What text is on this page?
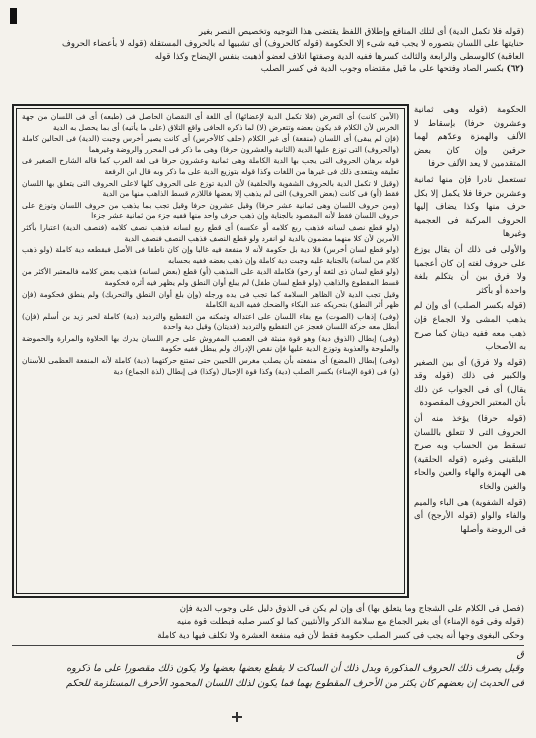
(قوله فلا تكمل الدية) أى لتلك المنافع وإطلاق اللفظ يقتضى هذا التوجيه وتخصيص النصر بغير

حنايتها على اللسان بتصوره لا يجب فيه شىء إلا الحكومة (قوله كالحروف) أى تشبيها له بالحروف المستقلة (قوله لا بأعضاء الحروف

العاقبة) كالوسطى والرابعة والثالث كسرها ففيه الدية وصفتها اتلاف لعضو أذهبت بنفس الإيضاح وكذا قوله

(٦٢) بكسر الصاد وفتحها على ما قيل مقتضاه وجوب الدية في كسر الصلب

(الأمن كانت) أى التعرض (فلا تكمل الدية لإعضائها) أى اللغة أى النقصان الحاصل فى (طبعه) أى فى اللسان من جهة الخرس لأن الكلام قد يكون بعضه وتتعرض (لا) لما ذكره الحافى واقع التلاق (على ما يأتيه) أى بما يحصل به الدية

(فإن لم يبقى) أى اللسان (منفعة) أى غير الكلام (حلف كالأخرس) أى كانت يصير أخرس وجبت (الدية) فى الحالين كاملة (والحروف) التى توزع عليها الدية (الثانية والعشرون حرفا) وهى ما ذكر فى المحرر والروضة وغيرهما

قوله برهان الحروف التى يجب بها الدية الكاملة وهى ثمانية وعشرون حرفا فى لغة العرب كما قاله الشارح الصغير فى تعليقه ويتنعدى ذلك فى غيرها من اللغات وكذا قوله بتوزيع الدية على ما ذكر وبه قال ابن الرفعة

(وقيل لا تكمل الدية بالحروف الشفوية والحلقية) لأن الدية توزع على الحروف كلها لاعلى الحروف التى يتعلق بها اللسان فقط (أو) فى كانت (بعض الحروف) التى لم يذهب إلا بعضها فاللازم قسط الذاهب منها من الدية

(ومن حروف اللسان وهى ثمانية عشر حرفا) وقيل عشرون حرفا وقيل تجب بما يذهب من حروف اللسان وتوزع على حروف اللسان فقط لأنه المقصود بالجناية وإن ذهب حرف واحد منها ففيه جزء من ثمانية عشر جزءا

(ولو قطع نصف لسانه فذهب ربع كلامه أو عكسه) أى قطع ربع لسانه فذهب نصف كلامه (فنصف الدية) اعتبارا بأكثر الأمرين لأن كلا منهما مضمون بالدية لو انفرد ولو قطع النصف فذهب النصف فنصف الدية

(ولو قطع لسان أخرس) فلا دية بل حكومة لأنه لا منفعة فيه غالبا وإن كان ناطقا فى الأصل فبقطعه دية كاملة (ولو ذهب كلام من لسانه) بالجناية عليه وجبت دية كاملة وإن ذهب بعضه ففيه بحسابه

(ولو قطع لسان ذى لثغة أو رخو) فكاملة الدية على المذهب (أو) قطع (بعض لسانه) فذهب بعض كلامه فالمعتبر الأكثر من قسط المقطوع والذاهب (ولو قطع لسان طفل) لم يبلغ أوان النطق ولم يظهر فيه أثره فحكومة

وقيل تجب الدية لأن الظاهر السلامة كما تجب فى يده ورجله (وإن بلغ أوان النطق والتحريك) ولم ينطق فحكومة (فإن ظهر أثر النطق) بتحريكه عند البكاء والضحك ففيه الدية الكاملة

(وفى) إذهاب (الصوت) مع بقاء اللسان على اعتداله وتمكنه من التقطيع والترديد (دية) كاملة لخبر زيد بن أسلم (فإن) أبطل معه حركة اللسان فعجز عن التقطيع والترديد (فديتان) وقيل دية واحدة

(وفى) إبطال (الذوق دية) وهو قوة منبثة فى العصب المفروش على جرم اللسان يدرك بها الحلاوة والمرارة والحموضة والملوحة والعذوبة وتوزع الدية عليها فإن نقص الإدراك ولم يبطل ففيه حكومة

(وفى) إبطال (المضغ) أى منفعته بأن يصلب مغرس اللحيين حتى تمتنع حركتهما (دية) كاملة لأنه المنفعة العظمى للأسنان (و) فى (قوة الإمناء) بكسر الصلب (دية) وكذا قوة الإحبال (وكذا) فى إبطال (لذة الجماع) دية

الحكومة (قوله وهى ثمانية وعشرون حرفا) بإسقاط لا الألف والهمزة وعدّهم لهما حرفين وإن كان بعض المتقدمين لا يعد الألف حرفا

تستعمل نادرا فإن منها ثمانية وعشرين حرفا فلا يكمل إلا بكل حرف منها وكذا يضاف إليها الحروف المركبة فى العجمية وغيرها

والأولى فى ذلك أن يقال يوزع على حروف لغته إن كان أعجميا ولا فرق بين أن يتكلم بلغة واحدة أو بأكثر

(قوله بكسر الصلب) أى وإن لم يذهب المشى ولا الجماع فإن ذهب معه ففيه ديتان كما صرح به الأصحاب

(قوله ولا فرق) أى بين الصغير والكبير فى ذلك (قوله وقد يقال) أى فى الجواب عن ذلك بأن المعتبر الحروف المقصودة

(قوله حرفا) يؤخذ منه أن الحروف التى لا تتعلق باللسان تسقط من الحساب وبه صرح البلقينى وغيره (قوله الحلقية) هى الهمزة والهاء والعين والحاء والغين والخاء

(قوله الشفوية) هى الباء والميم والفاء والواو (قوله الأرجح) أى فى الروضة وأصلها

(فصل فى الكلام على الشجاج وما يتعلق بها) أى وإن لم يكن فى الذوق دليل على وجوب الدية فإن

(قوله وفى قوة الإمناء) أى بغير الجماع مع سلامة الذكر والأنثيين كما لو كسر صلبه فبطلت قوة منيه

وحكى البغوى وجها أنه يجب فى كسر الصلب حكومة فقط لأن فيه منفعة العشرة ولا تكلف فيها دية كاملة

ق

وقيل يصرف ذلك الحروف المذكورة وبدل ذلك أن الساكت لا يقطع بعضها بعضها ولا يكون ذلك مقصورا على ما ذكروه

فى الحديث إن بعضهم كان يكثر من الأحرف المقطوع بهما فما يكون لذلك اللسان المحمود الأحرف المستلزمة للحكم
